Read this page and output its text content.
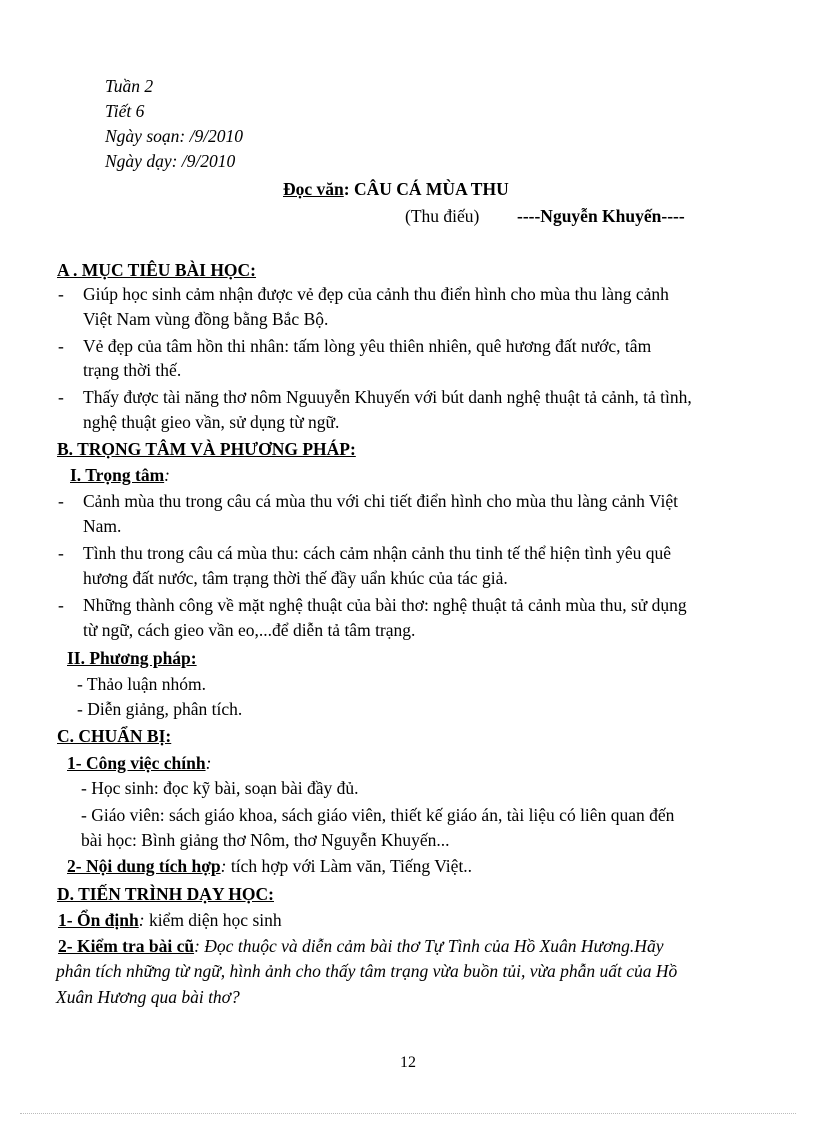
Tuần 2
Tiết 6
Ngày soạn: /9/2010
Ngày dạy: /9/2010
Đọc văn: CÂU CÁ MÙA THU
(Thu điếu) ----Nguyễn Khuyến----
A . MỤC TIÊU BÀI HỌC:
- Giúp học sinh cảm nhận được vẻ đẹp của cảnh thu điển hình cho mùa thu làng cảnh
Việt Nam vùng đồng bằng Bắc Bộ.
- Vẻ đẹp của tâm hồn thi nhân: tấm lòng yêu thiên nhiên, quê hương đất nước, tâm
trạng thời thế.
- Thấy được tài năng thơ nôm Nguuyễn Khuyến với bút danh nghệ thuật tả cảnh, tả tình,
nghệ thuật gieo vần, sử dụng từ ngữ.
B. TRỌNG TÂM VÀ PHƯƠNG PHÁP:
I. Trọng tâm:
- Cảnh mùa thu trong câu cá mùa thu với chi tiết điển hình cho mùa thu làng cảnh Việt
Nam.
- Tình thu trong câu cá mùa thu: cách cảm nhận cảnh thu tinh tế thể hiện tình yêu quê
hương đất nước, tâm trạng thời thế đầy uẩn khúc của tác giả.
- Những thành công về mặt nghệ thuật của bài thơ: nghệ thuật tả cảnh mùa thu, sử dụng
từ ngữ, cách gieo vần eo,...để diễn tả tâm trạng.
II. Phương pháp:
- Thảo luận nhóm.
- Diễn giảng, phân tích.
C. CHUẨN BỊ:
1- Công việc chính:
- Học sinh: đọc kỹ bài, soạn bài đầy đủ.
- Giáo viên: sách giáo khoa, sách giáo viên, thiết kế giáo án, tài liệu có liên quan đến
bài học: Bình giảng thơ Nôm, thơ Nguyễn Khuyến...
2- Nội dung tích hợp: tích hợp với Làm văn, Tiếng Việt..
D. TIẾN TRÌNH DẠY HỌC:
1- Ổn định: kiểm diện học sinh
2- Kiểm tra bài cũ: Đọc thuộc và diễn cảm bài thơ Tự Tình của Hồ Xuân Hương.Hãy
phân tích những từ ngữ, hình ảnh cho thấy tâm trạng vừa buồn tủi, vừa phẫn uất của Hồ
Xuân Hương qua bài thơ?
12
